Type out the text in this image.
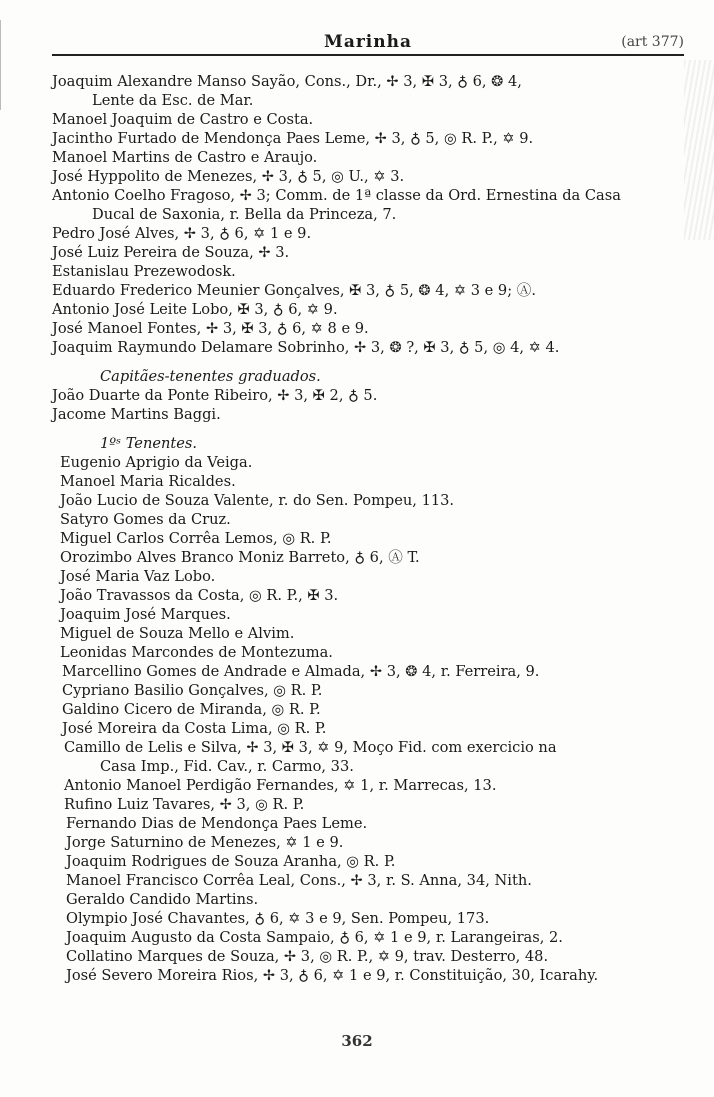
Marinha	(art 377)
Joaquim Alexandre Manso Sayão, Cons., Dr., ✢ 3, ✠ 3, ♁ 6, ❂ 4,
Lente da Esc. de Mar.
Manoel Joaquim de Castro e Costa.
Jacintho Furtado de Mendonça Paes Leme, ✢ 3, ♁ 5, ◎ R. P., ✡ 9.
Manoel Martins de Castro e Araujo.
José Hyppolito de Menezes, ✢ 3, ♁ 5, ◎ U., ✡ 3.
Antonio Coelho Fragoso, ✢ 3; Comm. de 1ª classe da Ord. Ernestina da Casa
Ducal de Saxonia, r. Bella da Princeza, 7.
Pedro José Alves, ✢ 3, ♁ 6, ✡ 1 e 9.
José Luiz Pereira de Souza, ✢ 3.
Estanislau Prezewodosk.
Eduardo Frederico Meunier Gonçalves, ✠ 3, ♁ 5, ❂ 4, ✡ 3 e 9; Ⓐ.
Antonio José Leite Lobo, ✠ 3, ♁ 6, ✡ 9.
José Manoel Fontes, ✢ 3, ✠ 3, ♁ 6, ✡ 8 e 9.
Joaquim Raymundo Delamare Sobrinho, ✢ 3, ❂ ?, ✠ 3, ♁ 5, ◎ 4, ✡ 4.
Capitães-tenentes graduados.
João Duarte da Ponte Ribeiro, ✢ 3, ✠ 2, ♁ 5.
Jacome Martins Baggi.
1ºˢ Tenentes.
Eugenio Aprigio da Veiga.
Manoel Maria Ricaldes.
João Lucio de Souza Valente, r. do Sen. Pompeu, 113.
Satyro Gomes da Cruz.
Miguel Carlos Corrêa Lemos, ◎ R. P.
Orozimbo Alves Branco Moniz Barreto, ♁ 6, Ⓐ T.
José Maria Vaz Lobo.
João Travassos da Costa, ◎ R. P., ✠ 3.
Joaquim José Marques.
Miguel de Souza Mello e Alvim.
Leonidas Marcondes de Montezuma.
Marcellino Gomes de Andrade e Almada, ✢ 3, ❂ 4, r. Ferreira, 9.
Cypriano Basilio Gonçalves, ◎ R. P.
Galdino Cicero de Miranda, ◎ R. P.
José Moreira da Costa Lima, ◎ R. P.
Camillo de Lelis e Silva, ✢ 3, ✠ 3, ✡ 9, Moço Fid. com exercicio na
Casa Imp., Fid. Cav., r. Carmo, 33.
Antonio Manoel Perdigão Fernandes, ✡ 1, r. Marrecas, 13.
Rufino Luiz Tavares, ✢ 3, ◎ R. P.
Fernando Dias de Mendonça Paes Leme.
Jorge Saturnino de Menezes, ✡ 1 e 9.
Joaquim Rodrigues de Souza Aranha, ◎ R. P.
Manoel Francisco Corrêa Leal, Cons., ✢ 3, r. S. Anna, 34, Nith.
Geraldo Candido Martins.
Olympio José Chavantes, ♁ 6, ✡ 3 e 9, Sen. Pompeu, 173.
Joaquim Augusto da Costa Sampaio, ♁ 6, ✡ 1 e 9, r. Larangeiras, 2.
Collatino Marques de Souza, ✢ 3, ◎ R. P., ✡ 9, trav. Desterro, 48.
José Severo Moreira Rios, ✢ 3, ♁ 6, ✡ 1 e 9, r. Constituição, 30, Icarahy.
362
